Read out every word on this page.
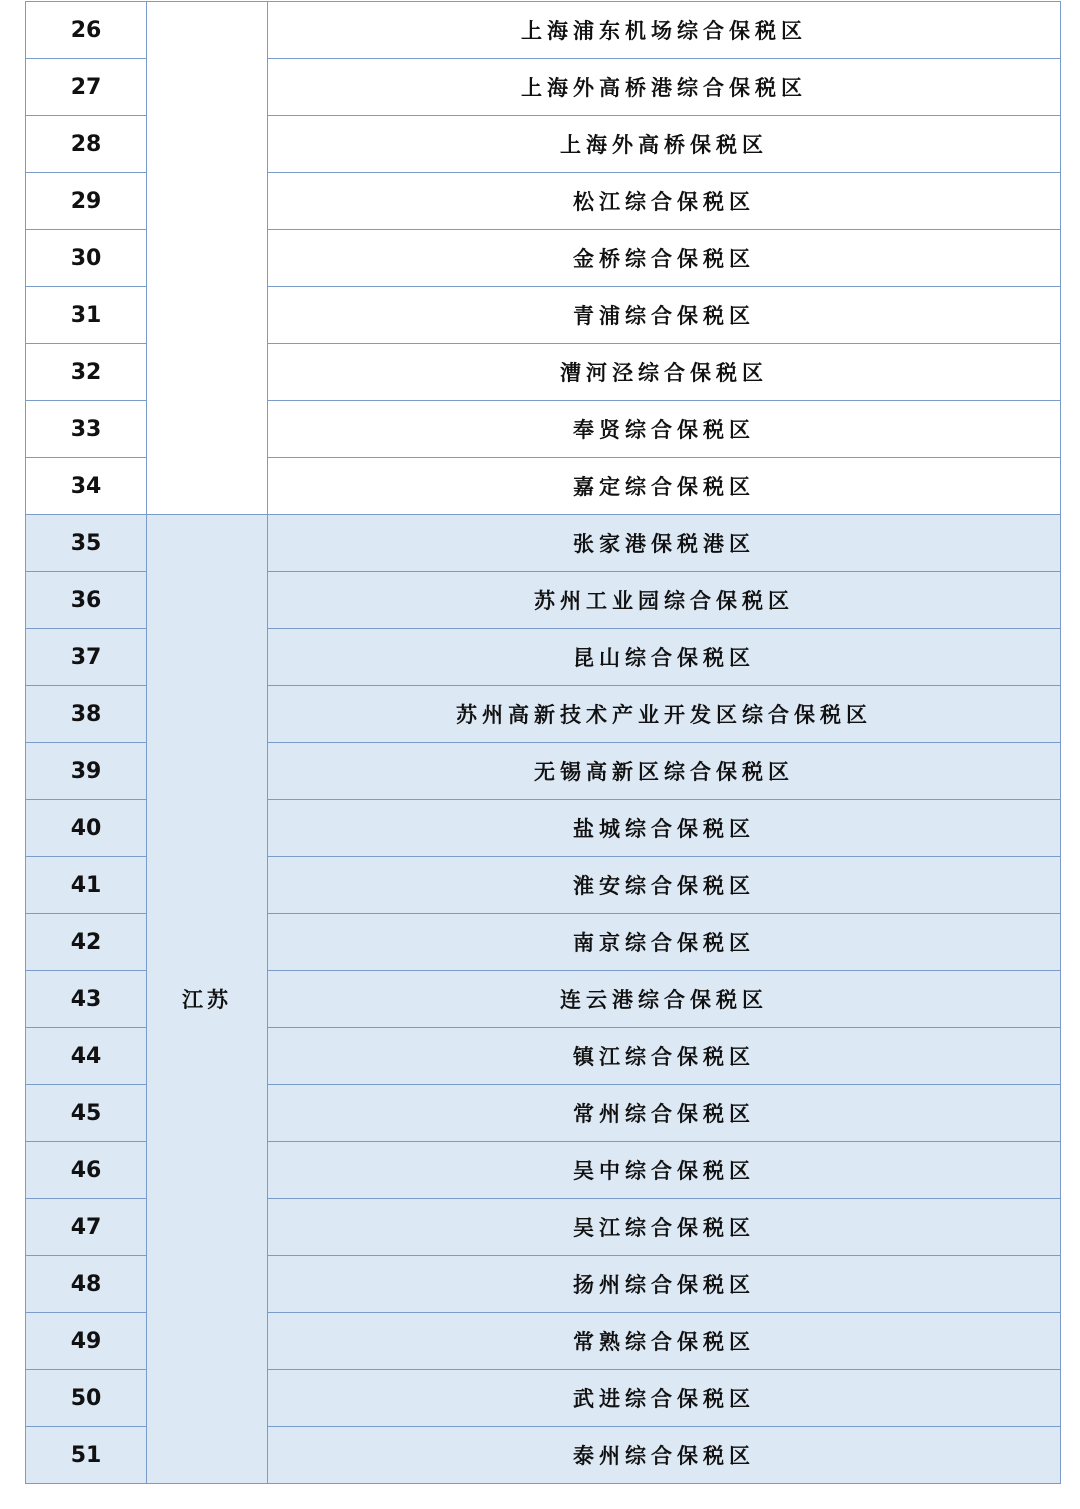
26		上海浦东机场综合保税区
27		上海外高桥港综合保税区
28		上海外高桥保税区
29		松江综合保税区
30		金桥综合保税区
31		青浦综合保税区
32		漕河泾综合保税区
33		奉贤综合保税区
34		嘉定综合保税区
35	江苏	张家港保税港区
36		苏州工业园综合保税区
37		昆山综合保税区
38		苏州高新技术产业开发区综合保税区
39		无锡高新区综合保税区
40		盐城综合保税区
41		淮安综合保税区
42		南京综合保税区
43		连云港综合保税区
44		镇江综合保税区
45		常州综合保税区
46		吴中综合保税区
47		吴江综合保税区
48		扬州综合保税区
49		常熟综合保税区
50		武进综合保税区
51		泰州综合保税区
